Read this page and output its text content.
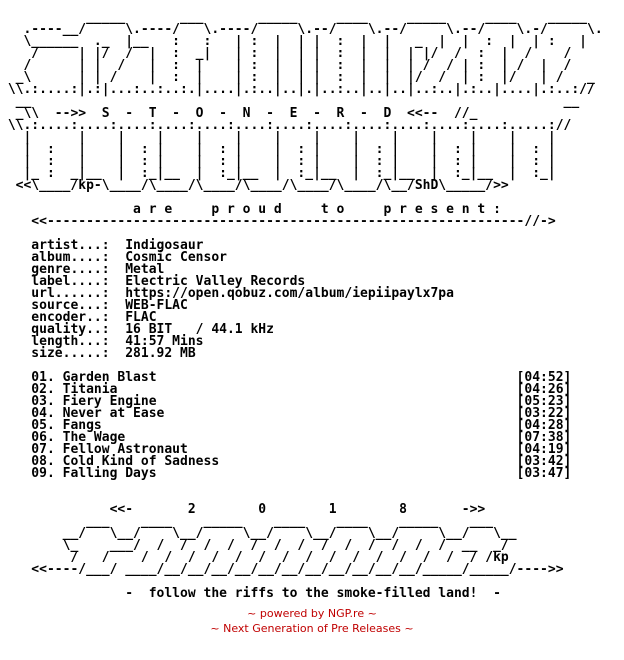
_____       ___       _____     ____     _____     ____    _____
.----__/     \.----/   \.----/     \.--/    \.--/     \.--/    \.-/     \.
\______  ._  |__   :   :   | :  |  | |  :  |  |   _  |  |  :  |  | :   |
/     | |/  /  |  :  _|   | :  |  | |  :  |  |  | |/  /  :  |  /    /
/      | |  /   |  :  |    | :  |  | |  :  |  |  | /  / | :  | /  |  /
_\      | | /    |  :  |    | :  |  | |  :  |  |  |/  /  | :  |/   | /   _
\\.:....:|.:|...:..:..:.|....|.:..|..|.|..:..|..|..|..:..|.:..|....|.:..://
__                                                                    __
_\\  -->>  S  -  T  -  O  -  N  -  E  -  R  -  D  <<--  //_
\\.:....:....:....:....:....:....:....:....:....:....:....:....:.....://
|      |    |    |    |    |    |    |    |    |    |    |    |    |
|  :   |    |  : |    |  : |    |  : |    |  : |    |  : |    |  : |
|  :   |    |  : |    |  : |    |  : |    |  : |    |  : |    |  : |
|_ :  _|__  |  :_|__  |  :_|__  |  :_|__  |  :_|__  |  :_|__  |  :_|
<<\____/kp-\____/\____/\____/\____/\____/\____/\__/ShD\_____/>>
a r e     p r o u d     t o     p r e s e n t :
<<-------------------------------------------------------------//->
artist...:  Indigosaur
album....:  Cosmic Censor
genre....:  Metal
label....:  Electric Valley Records
url......:  https://open.qobuz.com/album/iepiipaylx7pa
source...:  WEB-FLAC
encoder..:  FLAC
quality..:  16 BIT   / 44.1 kHz
length...:  41:57 Mins
size.....:  281.92 MB
01. Garden Blast                                              [04:52]
02. Titania                                                   [04:26]
03. Fiery Engine                                              [05:23]
04. Never at Ease                                             [03:22]
05. Fangs                                                     [04:28]
06. The Wage                                                  [07:38]
07. Fellow Astronaut                                          [04:19]
08. Cold Kind of Sadness                                      [03:42]
09. Falling Days                                              [03:47]
<<-       2        0        1        8       ->>
___    ____    _____    ____    ____    _____    ___
__/   \__/    \__/     \__/    \__/    \__/     \__/   \__
\_    ___/  /  /  /  /  /  /  /  /  /  /  /  /  /  __  _/
/   /    /  /  /  /  /  /  /  /  /  /  /  /  /  /  / /kp
<<----/___/ ____/__/__/__/__/__/__/__/__/__/__/__/_____/_____/---->>
-  follow the riffs to the smoke-filled land!  -
~ powered by NGP.re ~
~ Next Generation of Pre Releases ~
